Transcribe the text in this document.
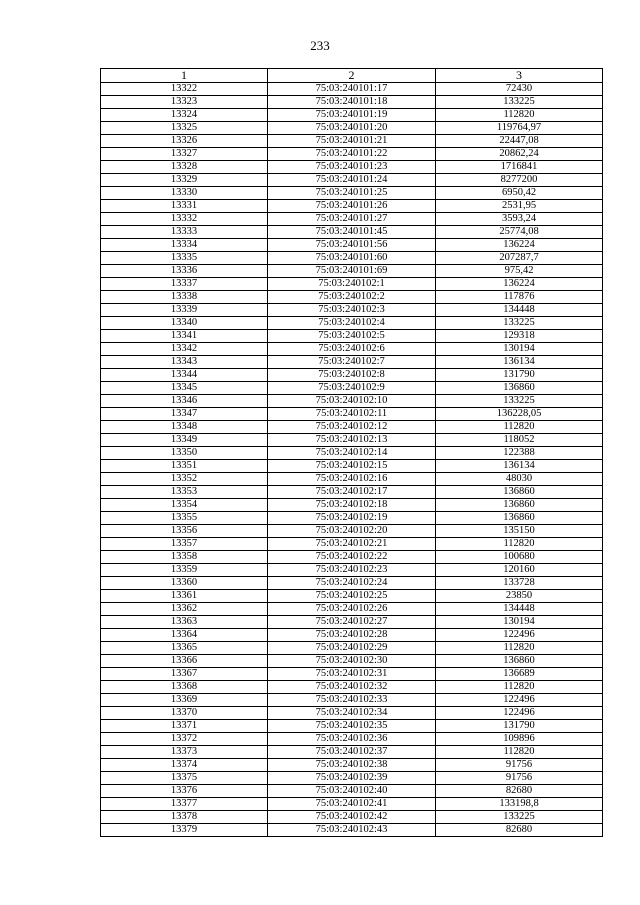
233
1	2	3
13322	75:03:240101:17	72430
13323	75:03:240101:18	133225
13324	75:03:240101:19	112820
13325	75:03:240101:20	119764,97
13326	75:03:240101:21	22447,08
13327	75:03:240101:22	20862,24
13328	75:03:240101:23	1716841
13329	75:03:240101:24	8277200
13330	75:03:240101:25	6950,42
13331	75:03:240101:26	2531,95
13332	75:03:240101:27	3593,24
13333	75:03:240101:45	25774,08
13334	75:03:240101:56	136224
13335	75:03:240101:60	207287,7
13336	75:03:240101:69	975,42
13337	75:03:240102:1	136224
13338	75:03:240102:2	117876
13339	75:03:240102:3	134448
13340	75:03:240102:4	133225
13341	75:03:240102:5	129318
13342	75:03:240102:6	130194
13343	75:03:240102:7	136134
13344	75:03:240102:8	131790
13345	75:03:240102:9	136860
13346	75:03:240102:10	133225
13347	75:03:240102:11	136228,05
13348	75:03:240102:12	112820
13349	75:03:240102:13	118052
13350	75:03:240102:14	122388
13351	75:03:240102:15	136134
13352	75:03:240102:16	48030
13353	75:03:240102:17	136860
13354	75:03:240102:18	136860
13355	75:03:240102:19	136860
13356	75:03:240102:20	135150
13357	75:03:240102:21	112820
13358	75:03:240102:22	100680
13359	75:03:240102:23	120160
13360	75:03:240102:24	133728
13361	75:03:240102:25	23850
13362	75:03:240102:26	134448
13363	75:03:240102:27	130194
13364	75:03:240102:28	122496
13365	75:03:240102:29	112820
13366	75:03:240102:30	136860
13367	75:03:240102:31	136689
13368	75:03:240102:32	112820
13369	75:03:240102:33	122496
13370	75:03:240102:34	122496
13371	75:03:240102:35	131790
13372	75:03:240102:36	109896
13373	75:03:240102:37	112820
13374	75:03:240102:38	91756
13375	75:03:240102:39	91756
13376	75:03:240102:40	82680
13377	75:03:240102:41	133198,8
13378	75:03:240102:42	133225
13379	75:03:240102:43	82680
